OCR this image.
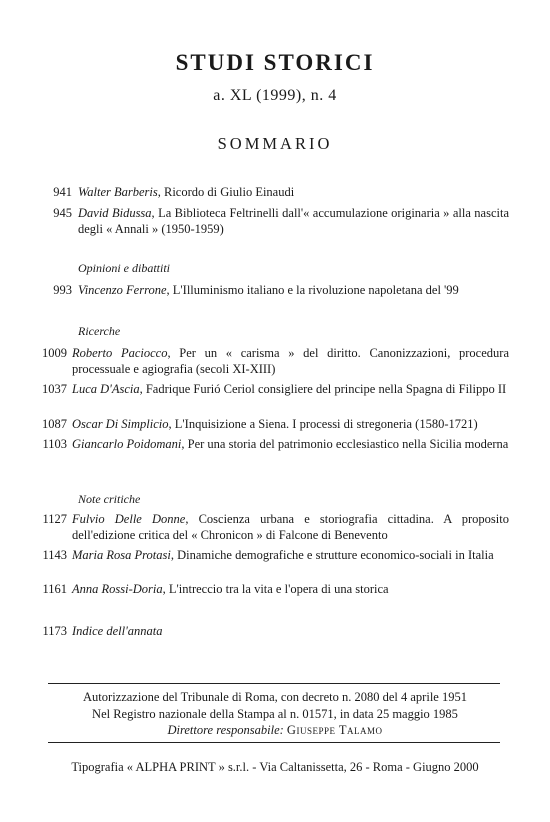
STUDI STORICI
a. XL (1999), n. 4
SOMMARIO
941 Walter Barberis, Ricordo di Giulio Einaudi
945 David Bidussa, La Biblioteca Feltrinelli dall'« accumulazione originaria » alla nascita degli « Annali » (1950-1959)
Opinioni e dibattiti
993 Vincenzo Ferrone, L'Illuminismo italiano e la rivoluzione napoletana del '99
Ricerche
1009 Roberto Paciocco, Per un « carisma » del diritto. Canonizzazioni, procedura processuale e agiografia (secoli XI-XIII)
1037 Luca D'Ascia, Fadrique Furió Ceriol consigliere del principe nella Spagna di Filippo II
1087 Oscar Di Simplicio, L'Inquisizione a Siena. I processi di stregoneria (1580-1721)
1103 Giancarlo Poidomani, Per una storia del patrimonio ecclesiastico nella Sicilia moderna
Note critiche
1127 Fulvio Delle Donne, Coscienza urbana e storiografia cittadina. A proposito dell'edizione critica del « Chronicon » di Falcone di Benevento
1143 Maria Rosa Protasi, Dinamiche demografiche e strutture economico-sociali in Italia
1161 Anna Rossi-Doria, L'intreccio tra la vita e l'opera di una storica
1173 Indice dell'annata
Autorizzazione del Tribunale di Roma, con decreto n. 2080 del 4 aprile 1951
Nel Registro nazionale della Stampa al n. 01571, in data 25 maggio 1985
Direttore responsabile: Giuseppe Talamo
Tipografia « ALPHA PRINT » s.r.l. - Via Caltanissetta, 26 - Roma - Giugno 2000
